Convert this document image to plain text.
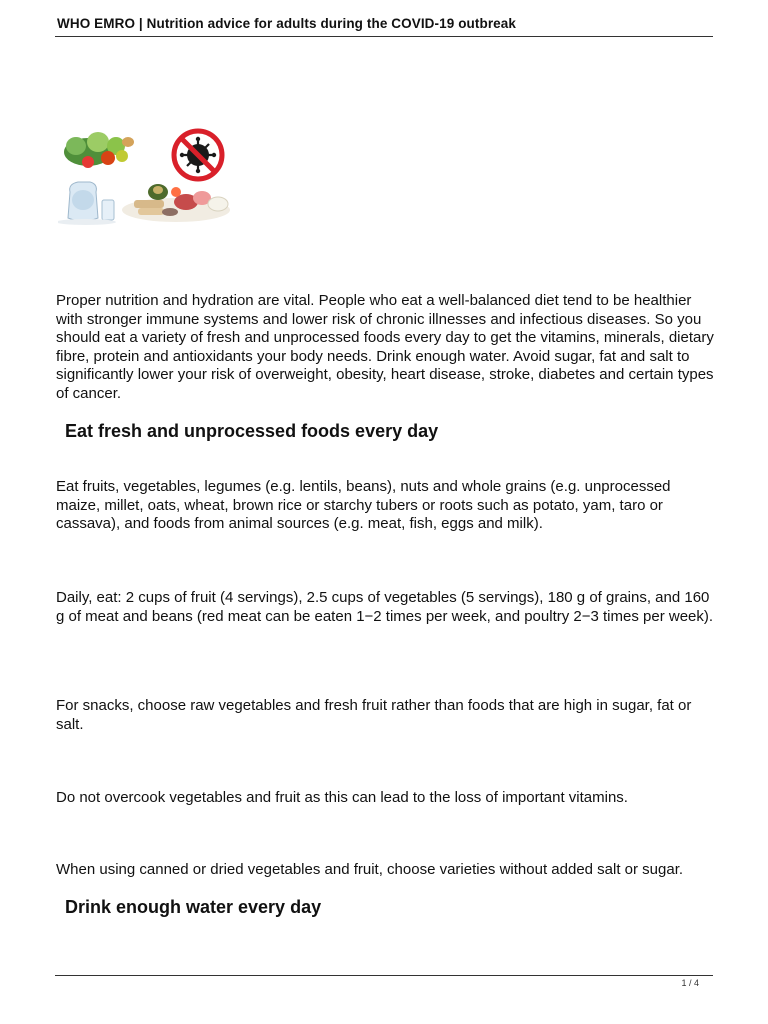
WHO EMRO | Nutrition advice for adults during the COVID-19 outbreak

Proper nutrition and hydration are vital. People who eat a well-balanced diet tend to be healthier with stronger immune systems and lower risk of chronic illnesses and infectious diseases. So you should eat a variety of fresh and unprocessed foods every day to get the vitamins, minerals, dietary fibre, protein and antioxidants your body needs. Drink enough water. Avoid sugar, fat and salt to significantly lower your risk of overweight, obesity, heart disease, stroke, diabetes and certain types of cancer.

Eat fresh and unprocessed foods every day

Eat fruits, vegetables, legumes (e.g. lentils, beans), nuts and whole grains (e.g. unprocessed maize, millet, oats, wheat, brown rice or starchy tubers or roots such as potato, yam, taro or cassava), and foods from animal sources (e.g. meat, fish, eggs and milk).

Daily, eat: 2 cups of fruit (4 servings), 2.5 cups of vegetables (5 servings), 180 g of grains, and 160 g of meat and beans (red meat can be eaten 1−2 times per week, and poultry 2−3 times per week).

For snacks, choose raw vegetables and fresh fruit rather than foods that are high in sugar, fat or salt.

Do not overcook vegetables and fruit as this can lead to the loss of important vitamins.

When using canned or dried vegetables and fruit, choose varieties without added salt or sugar.

Drink enough water every day
1 / 4
